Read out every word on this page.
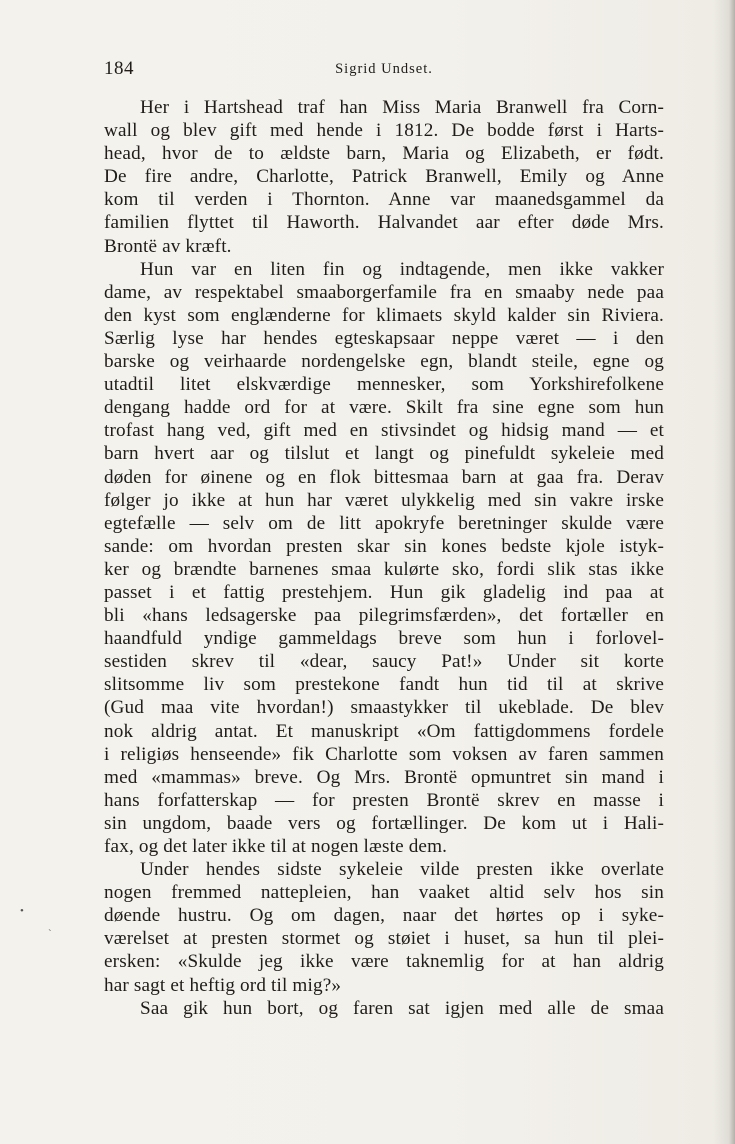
184	Sigrid Undset.
Her i Hartshead traf han Miss Maria Branwell fra Corn-
wall og blev gift med hende i 1812. De bodde først i Harts-
head, hvor de to ældste barn, Maria og Elizabeth, er født.
De fire andre, Charlotte, Patrick Branwell, Emily og Anne
kom til verden i Thornton. Anne var maanedsgammel da
familien flyttet til Haworth. Halvandet aar efter døde Mrs.
Brontë av kræft.
Hun var en liten fin og indtagende, men ikke vakker
dame, av respektabel smaaborgerfamile fra en smaaby nede paa
den kyst som englænderne for klimaets skyld kalder sin Riviera.
Særlig lyse har hendes egteskapsaar neppe været — i den
barske og veirhaarde nordengelske egn, blandt steile, egne og
utadtil litet elskværdige mennesker, som Yorkshirefolkene
dengang hadde ord for at være. Skilt fra sine egne som hun
trofast hang ved, gift med en stivsindet og hidsig mand — et
barn hvert aar og tilslut et langt og pinefuldt sykeleie med
døden for øinene og en flok bittesmaa barn at gaa fra. Derav
følger jo ikke at hun har været ulykkelig med sin vakre irske
egtefælle — selv om de litt apokryfe beretninger skulde være
sande: om hvordan presten skar sin kones bedste kjole istyk-
ker og brændte barnenes smaa kulørte sko, fordi slik stas ikke
passet i et fattig prestehjem. Hun gik gladelig ind paa at
bli «hans ledsagerske paa pilegrimsfærden», det fortæller en
haandfuld yndige gammeldags breve som hun i forlovel-
sestiden skrev til «dear, saucy Pat!» Under sit korte
slitsomme liv som prestekone fandt hun tid til at skrive
(Gud maa vite hvordan!) smaastykker til ukeblade. De blev
nok aldrig antat. Et manuskript «Om fattigdommens fordele
i religiøs henseende» fik Charlotte som voksen av faren sammen
med «mammas» breve. Og Mrs. Brontë opmuntret sin mand i
hans forfatterskap — for presten Brontë skrev en masse i
sin ungdom, baade vers og fortællinger. De kom ut i Hali-
fax, og det later ikke til at nogen læste dem.
Under hendes sidste sykeleie vilde presten ikke overlate
nogen fremmed nattepleien, han vaaket altid selv hos sin
døende hustru. Og om dagen, naar det hørtes op i syke-
værelset at presten stormet og støiet i huset, sa hun til plei-
ersken: «Skulde jeg ikke være taknemlig for at han aldrig
har sagt et heftig ord til mig?»
Saa gik hun bort, og faren sat igjen med alle de smaa
•
ˋ
